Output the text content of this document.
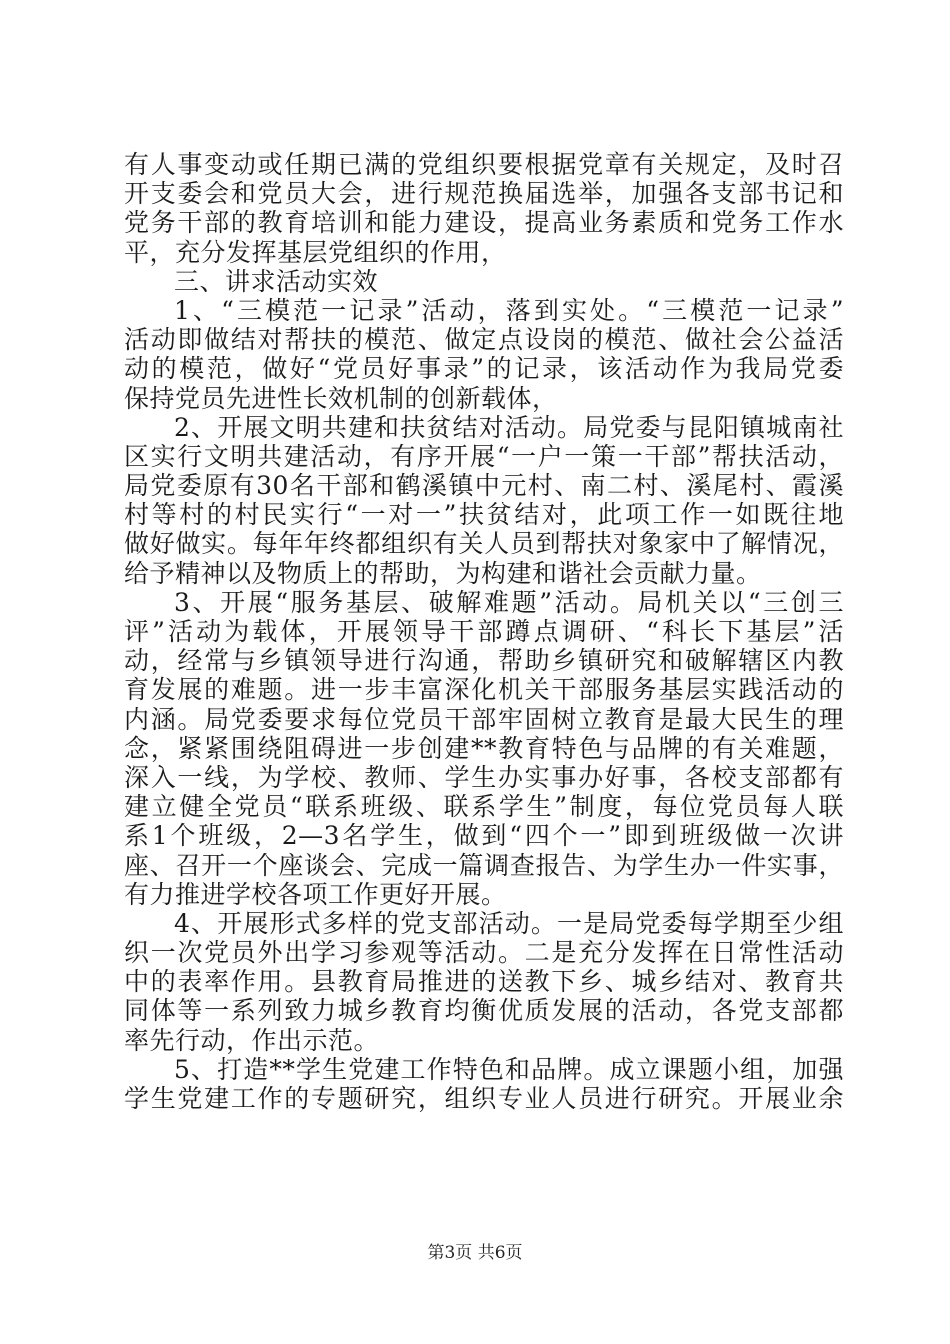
有人事变动或任期已满的党组织要根据党章有关规定，及时召
开支委会和党员大会，进行规范换届选举，加强各支部书记和
党务干部的教育培训和能力建设，提高业务素质和党务工作水
平，充分发挥基层党组织的作用，
三、讲求活动实效
1、“三模范一记录”活动，落到实处。“三模范一记录”
活动即做结对帮扶的模范、做定点设岗的模范、做社会公益活
动的模范，做好“党员好事录”的记录，该活动作为我局党委
保持党员先进性长效机制的创新载体，
2、开展文明共建和扶贫结对活动。局党委与昆阳镇城南社
区实行文明共建活动，有序开展“一户一策一干部”帮扶活动，
局党委原有30名干部和鹤溪镇中元村、南二村、溪尾村、霞溪
村等村的村民实行“一对一”扶贫结对，此项工作一如既往地
做好做实。每年年终都组织有关人员到帮扶对象家中了解情况，
给予精神以及物质上的帮助，为构建和谐社会贡献力量。
3、开展“服务基层、破解难题”活动。局机关以“三创三
评”活动为载体，开展领导干部蹲点调研、“科长下基层”活
动，经常与乡镇领导进行沟通，帮助乡镇研究和破解辖区内教
育发展的难题。进一步丰富深化机关干部服务基层实践活动的
内涵。局党委要求每位党员干部牢固树立教育是最大民生的理
念，紧紧围绕阻碍进一步创建**教育特色与品牌的有关难题，
深入一线，为学校、教师、学生办实事办好事，各校支部都有
建立健全党员“联系班级、联系学生”制度，每位党员每人联
系1个班级，2—3名学生，做到“四个一”即到班级做一次讲
座、召开一个座谈会、完成一篇调查报告、为学生办一件实事，
有力推进学校各项工作更好开展。
4、开展形式多样的党支部活动。一是局党委每学期至少组
织一次党员外出学习参观等活动。二是充分发挥在日常性活动
中的表率作用。县教育局推进的送教下乡、城乡结对、教育共
同体等一系列致力城乡教育均衡优质发展的活动，各党支部都
率先行动，作出示范。
5、打造**学生党建工作特色和品牌。成立课题小组，加强
学生党建工作的专题研究，组织专业人员进行研究。开展业余
第3页 共6页
